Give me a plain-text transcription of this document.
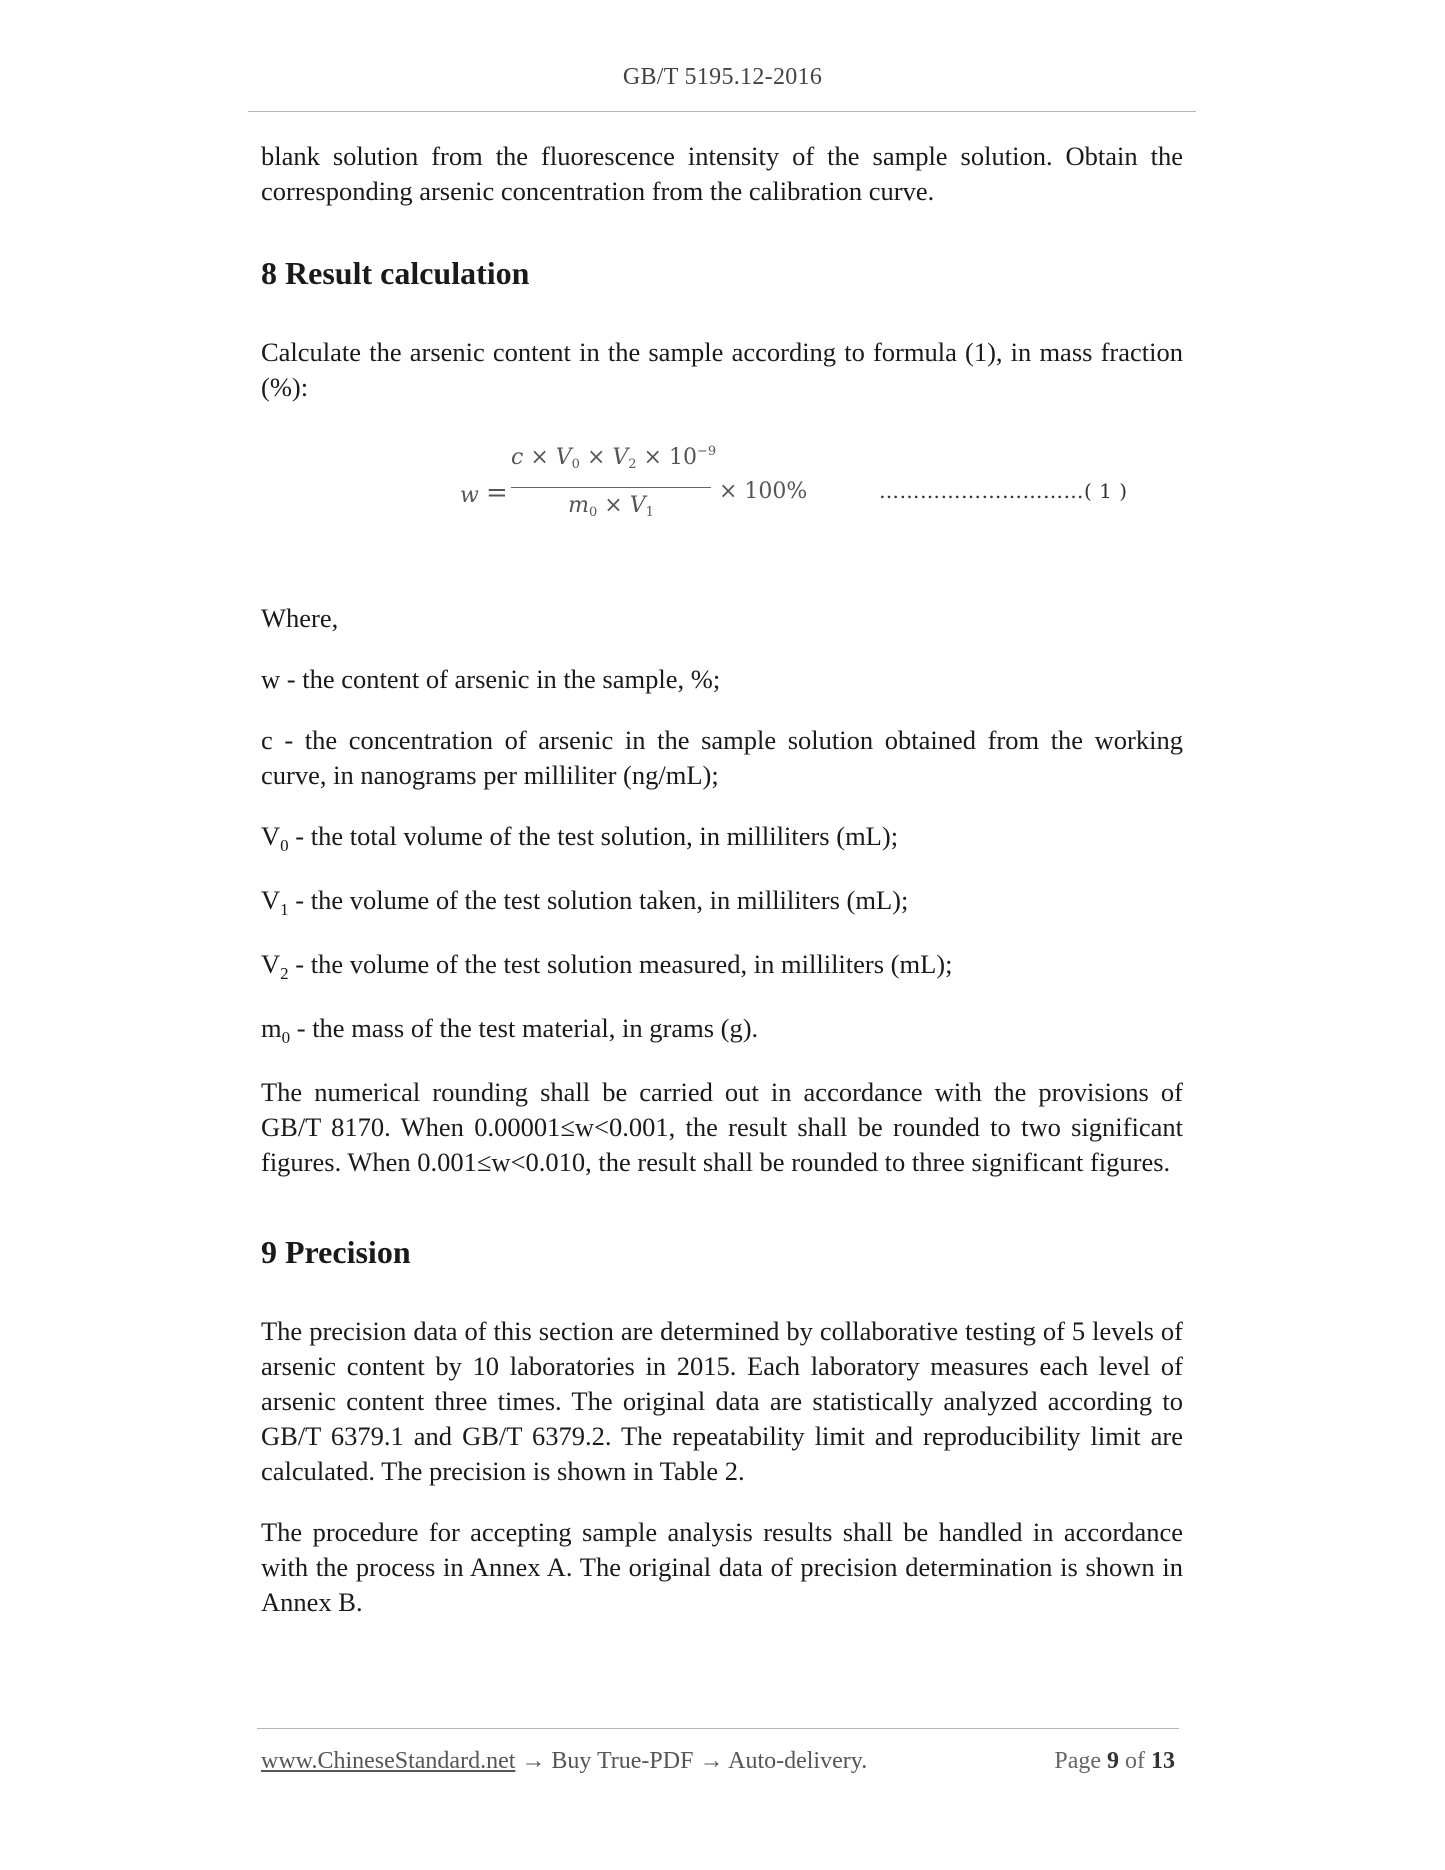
GB/T 5195.12-2016

blank solution from the fluorescence intensity of the sample solution. Obtain the corresponding arsenic concentration from the calibration curve.

8 Result calculation

Calculate the arsenic content in the sample according to formula (1), in mass fraction (%):

w =
$c \times V0 \times V2 \times 10^{-9}$
m0 × V1
× 100%	…………………………( 1 )

Where,

w - the content of arsenic in the sample, %;

c - the concentration of arsenic in the sample solution obtained from the working curve, in nanograms per milliliter (ng/mL);

$V_0$ - the total volume of the test solution, in milliliters (mL);

$V_1$ - the volume of the test solution taken, in milliliters (mL);

$V_2$ - the volume of the test solution measured, in milliliters (mL);

$m_0$ - the mass of the test material, in grams (g).

The numerical rounding shall be carried out in accordance with the provisions of GB/T 8170. When 0.00001≤w<0.001, the result shall be rounded to two significant figures. When 0.001≤w<0.010, the result shall be rounded to three significant figures.

9 Precision

The precision data of this section are determined by collaborative testing of 5 levels of arsenic content by 10 laboratories in 2015. Each laboratory measures each level of arsenic content three times. The original data are statistically analyzed according to GB/T 6379.1 and GB/T 6379.2. The repeatability limit and reproducibility limit are calculated. The precision is shown in Table 2.

The procedure for accepting sample analysis results shall be handled in accordance with the process in Annex A. The original data of precision determination is shown in Annex B.

www.ChineseStandard.net → Buy True-PDF → Auto-delivery.	Page 9 of 13
